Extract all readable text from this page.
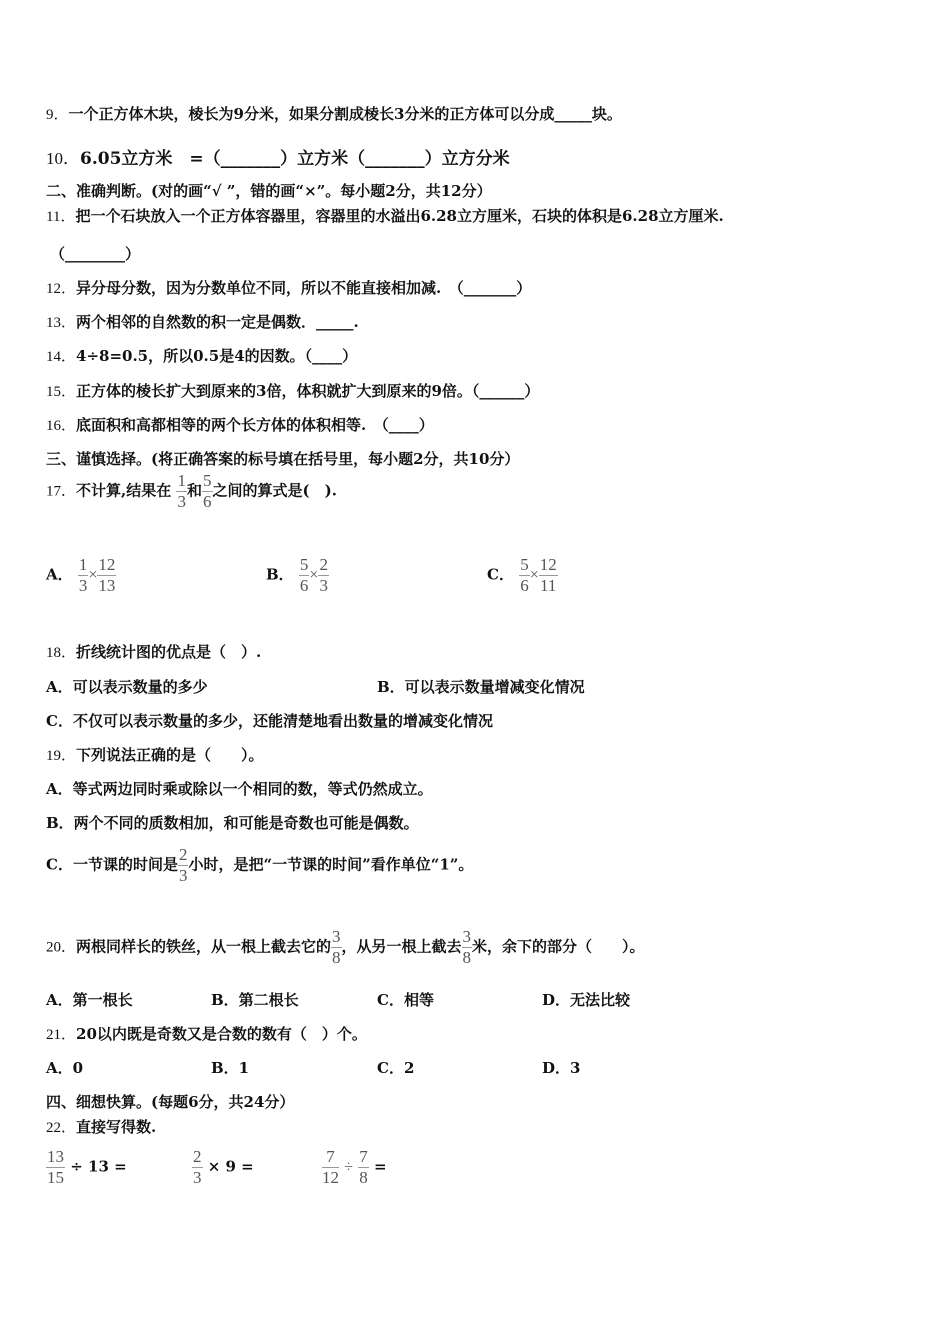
9．一个正方体木块，棱长为9分米，如果分割成棱长3分米的正方体可以分成_____块。
10．6.05立方米　=（_______）立方米（_______）立方分米
二、准确判断。(对的画“√ ”，错的画“×”。每小题2分，共12分）
11．把一个石块放入一个正方体容器里，容器里的水溢出6.28立方厘米，石块的体积是6.28立方厘米.
（________）
12．异分母分数，因为分数单位不同，所以不能直接相加减.　（_______）
13．两个相邻的自然数的积一定是偶数．_____.
14．4÷8=0.5，所以0.5是4的因数。（____）
15．正方体的棱长扩大到原来的3倍，体积就扩大到原来的9倍。（______）
16．底面积和高都相等的两个长方体的体积相等.　（____）
三、谨慎选择。(将正确答案的标号填在括号里，每小题2分，共10分）
17．不计算,结果在 $\frac{1}{3}$ 和 $\frac{5}{6}$ 之间的算式是(　).
A． $\frac{1}{3} \times \frac{12}{13}$	B． $\frac{5}{6} \times \frac{2}{3}$	C． $\frac{5}{6} \times \frac{12}{11}$
18．折线统计图的优点是（　）.
A．可以表示数量的多少	B．可以表示数量增减变化情况
C．不仅可以表示数量的多少，还能清楚地看出数量的增减变化情况
19．下列说法正确的是（　　）。
A．等式两边同时乘或除以一个相同的数，等式仍然成立。
B．两个不同的质数相加，和可能是奇数也可能是偶数。
C．一节课的时间是 $\frac{2}{3}$ 小时，是把“一节课的时间”看作单位“1”。
20．两根同样长的铁丝，从一根上截去它的 $\frac{3}{8}$ ，从另一根上截去 $\frac{3}{8}$ 米，余下的部分（　　）。
A．第一根长	B．第二根长	C．相等	D．无法比较
21．20以内既是奇数又是合数的数有（　）个。
A．0	B．1	C．2	D．3
四、细想快算。(每题6分，共24分）
22．直接写得数.
$\frac{13}{15} \div 13$ =	$\frac{2}{3} \times 9$ =	$\frac{7}{12} \div \frac{7}{8}$ =
